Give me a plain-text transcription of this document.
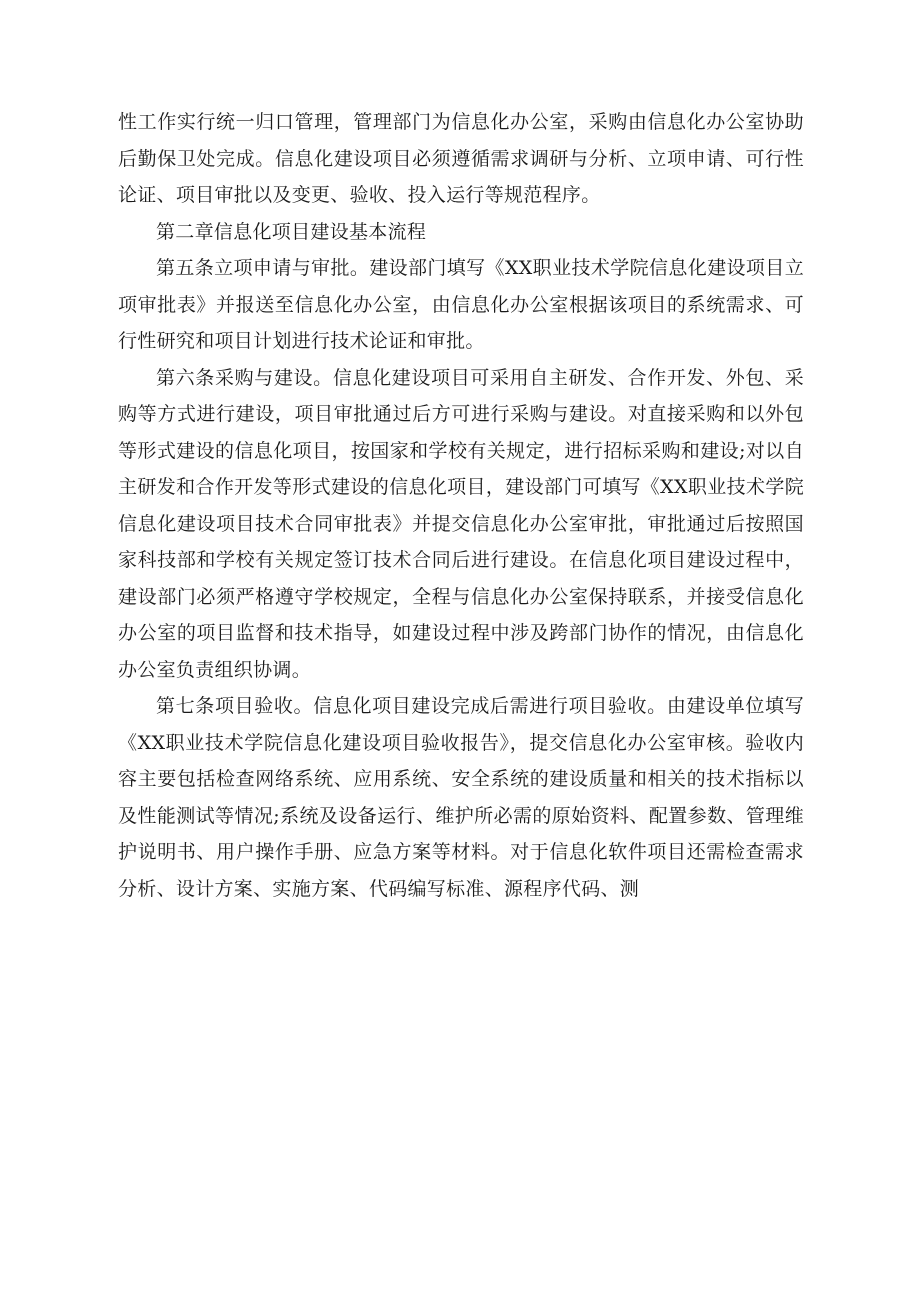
性工作实行统一归口管理，管理部门为信息化办公室，采购由信息化办公室协助后勤保卫处完成。信息化建设项目必须遵循需求调研与分析、立项申请、可行性论证、项目审批以及变更、验收、投入运行等规范程序。

第二章信息化项目建设基本流程

第五条立项申请与审批。建设部门填写《XX职业技术学院信息化建设项目立项审批表》并报送至信息化办公室，由信息化办公室根据该项目的系统需求、可行性研究和项目计划进行技术论证和审批。

第六条采购与建设。信息化建设项目可采用自主研发、合作开发、外包、采购等方式进行建设，项目审批通过后方可进行采购与建设。对直接采购和以外包等形式建设的信息化项目，按国家和学校有关规定，进行招标采购和建设;对以自主研发和合作开发等形式建设的信息化项目，建设部门可填写《XX职业技术学院信息化建设项目技术合同审批表》并提交信息化办公室审批，审批通过后按照国家科技部和学校有关规定签订技术合同后进行建设。在信息化项目建设过程中，建设部门必须严格遵守学校规定，全程与信息化办公室保持联系，并接受信息化办公室的项目监督和技术指导，如建设过程中涉及跨部门协作的情况，由信息化办公室负责组织协调。

第七条项目验收。信息化项目建设完成后需进行项目验收。由建设单位填写《XX职业技术学院信息化建设项目验收报告》，提交信息化办公室审核。验收内容主要包括检查网络系统、应用系统、安全系统的建设质量和相关的技术指标以及性能测试等情况;系统及设备运行、维护所必需的原始资料、配置参数、管理维护说明书、用户操作手册、应急方案等材料。对于信息化软件项目还需检查需求分析、设计方案、实施方案、代码编写标准、源程序代码、测
